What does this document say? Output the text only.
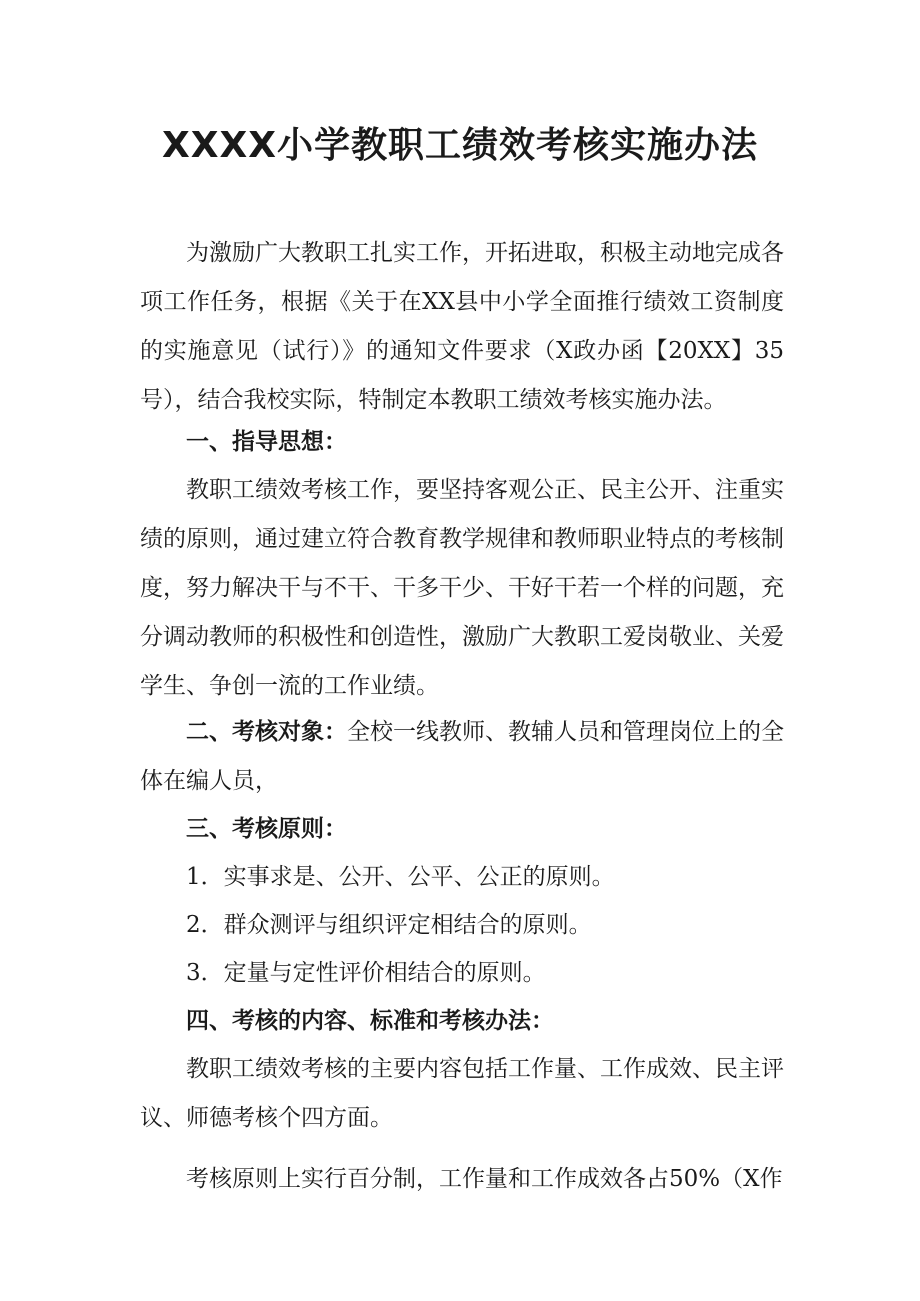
XXXX小学教职工绩效考核实施办法

为激励广大教职工扎实工作，开拓进取，积极主动地完成各项工作任务，根据《关于在XX县中小学全面推行绩效工资制度的实施意见（试行）》的通知文件要求（X政办函【20XX】35号），结合我校实际，特制定本教职工绩效考核实施办法。

一、指导思想：

教职工绩效考核工作，要坚持客观公正、民主公开、注重实绩的原则，通过建立符合教育教学规律和教师职业特点的考核制度，努力解决干与不干、干多干少、干好干若一个样的问题，充分调动教师的积极性和创造性，激励广大教职工爱岗敬业、关爱学生、争创一流的工作业绩。

二、考核对象：全校一线教师、教辅人员和管理岗位上的全体在编人员，

三、考核原则：

1．实事求是、公开、公平、公正的原则。

2．群众测评与组织评定相结合的原则。

3．定量与定性评价相结合的原则。

四、考核的内容、标准和考核办法：

教职工绩效考核的主要内容包括工作量、工作成效、民主评议、师德考核个四方面。

考核原则上实行百分制，工作量和工作成效各占50%（X作
